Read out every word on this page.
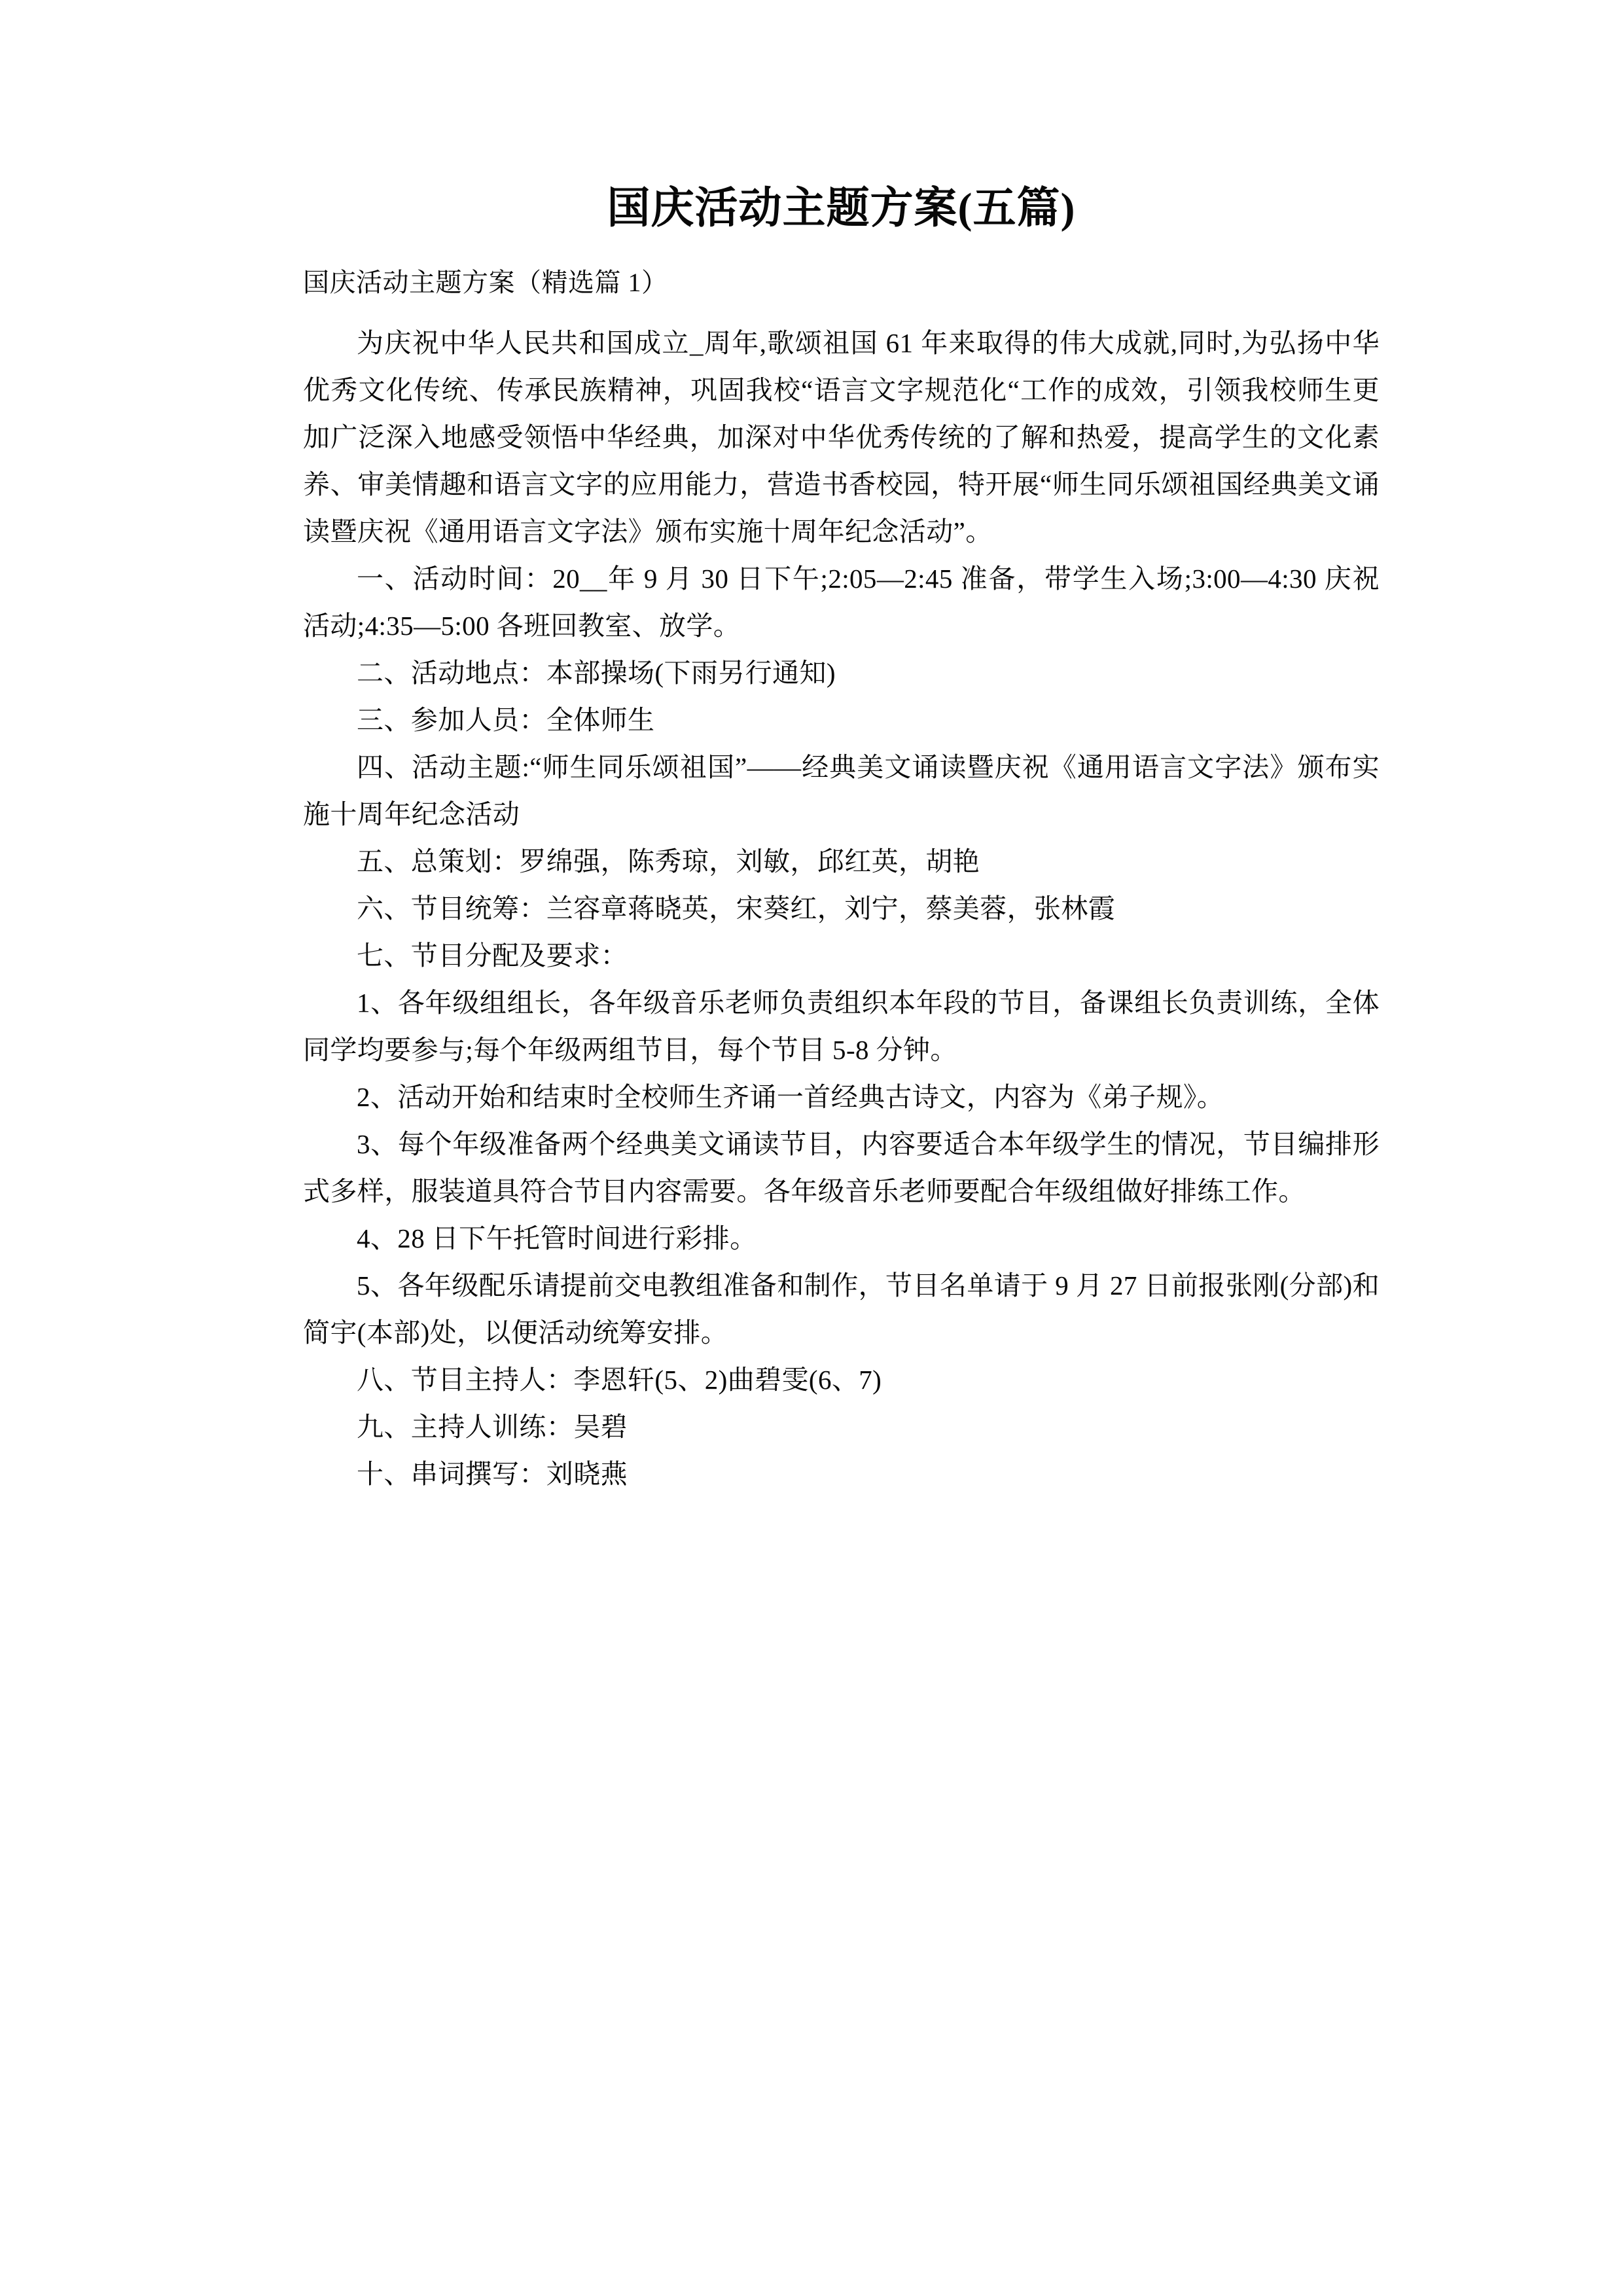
国庆活动主题方案(五篇)

国庆活动主题方案（精选篇 1）

为庆祝中华人民共和国成立_周年,歌颂祖国 61 年来取得的伟大成就,同时,为弘扬中华优秀文化传统、传承民族精神，巩固我校“语言文字规范化“工作的成效，引领我校师生更加广泛深入地感受领悟中华经典，加深对中华优秀传统的了解和热爱，提高学生的文化素养、审美情趣和语言文字的应用能力，营造书香校园，特开展“师生同乐颂祖国经典美文诵读暨庆祝《通用语言文字法》颁布实施十周年纪念活动”。

一、活动时间：20__年 9 月 30 日下午;2:05—2:45 准备，带学生入场;3:00—4:30 庆祝活动;4:35—5:00 各班回教室、放学。

二、活动地点：本部操场(下雨另行通知)

三、参加人员：全体师生

四、活动主题:“师生同乐颂祖国”——经典美文诵读暨庆祝《通用语言文字法》颁布实施十周年纪念活动

五、总策划：罗绵强，陈秀琼，刘敏，邱红英，胡艳

六、节目统筹：兰容章蒋晓英，宋葵红，刘宁，蔡美蓉，张林霞

七、节目分配及要求：

1、各年级组组长，各年级音乐老师负责组织本年段的节目，备课组长负责训练，全体同学均要参与;每个年级两组节目，每个节目 5-8 分钟。

2、活动开始和结束时全校师生齐诵一首经典古诗文，内容为《弟子规》。

3、每个年级准备两个经典美文诵读节目，内容要适合本年级学生的情况，节目编排形式多样，服装道具符合节目内容需要。各年级音乐老师要配合年级组做好排练工作。

4、28 日下午托管时间进行彩排。

5、各年级配乐请提前交电教组准备和制作，节目名单请于 9 月 27 日前报张刚(分部)和简宇(本部)处，以便活动统筹安排。

八、节目主持人：李恩轩(5、2)曲碧雯(6、7)

九、主持人训练：吴碧

十、串词撰写：刘晓燕
